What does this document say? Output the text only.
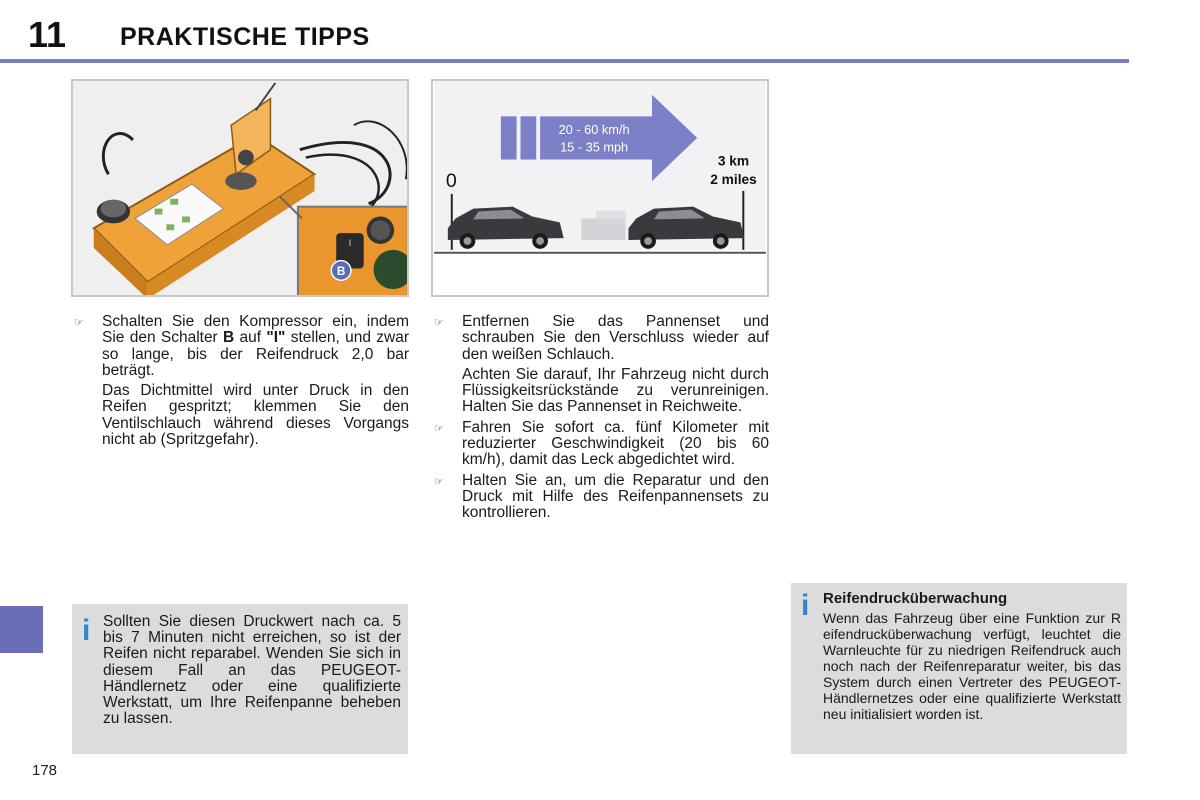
11 PRAKTISCHE TIPPS
I
B
20 - 60 km/h
15 - 35 mph
0
3 km
2 miles
☞ Schalten Sie den Kompressor ein, indem Sie den Schalter B auf "I" stellen, und zwar so lange, bis der Reifendruck 2,0 bar beträgt.
Das Dichtmittel wird unter Druck in den Reifen gespritzt; klemmen Sie den Ventilschlauch während dieses Vorgangs nicht ab (Spritzgefahr).
☞ Entfernen Sie das Pannenset und schrauben Sie den Verschluss wieder auf den weißen Schlauch.
Achten Sie darauf, Ihr Fahrzeug nicht durch Flüssigkeitsrückstände zu verunreinigen. Halten Sie das Pannenset in Reichweite.
☞ Fahren Sie sofort ca. fünf Kilometer mit reduzierter Geschwindigkeit (20 bis 60 km/h), damit das Leck abgedichtet wird.
☞ Halten Sie an, um die Reparatur und den Druck mit Hilfe des Reifenpannensets zu kontrollieren.
i Sollten Sie diesen Druckwert nach ca. 5 bis 7 Minuten nicht erreichen, so ist der Reifen nicht reparabel. Wenden Sie sich in diesem Fall an das PEUGEOT-Händlernetz oder eine qualifizierte Werkstatt, um Ihre Reifenpanne beheben zu lassen.
i Reifendrucküberwachung
Wenn das Fahrzeug über eine Funktion zur R eifendrucküberwachung verfügt, leuchtet die Warnleuchte für zu niedrigen Reifendruck auch noch nach der Reifenreparatur weiter, bis das System durch einen Vertreter des PEUGEOT-Händlernetzes oder eine qualifizierte Werkstatt neu initialisiert worden ist.
178
